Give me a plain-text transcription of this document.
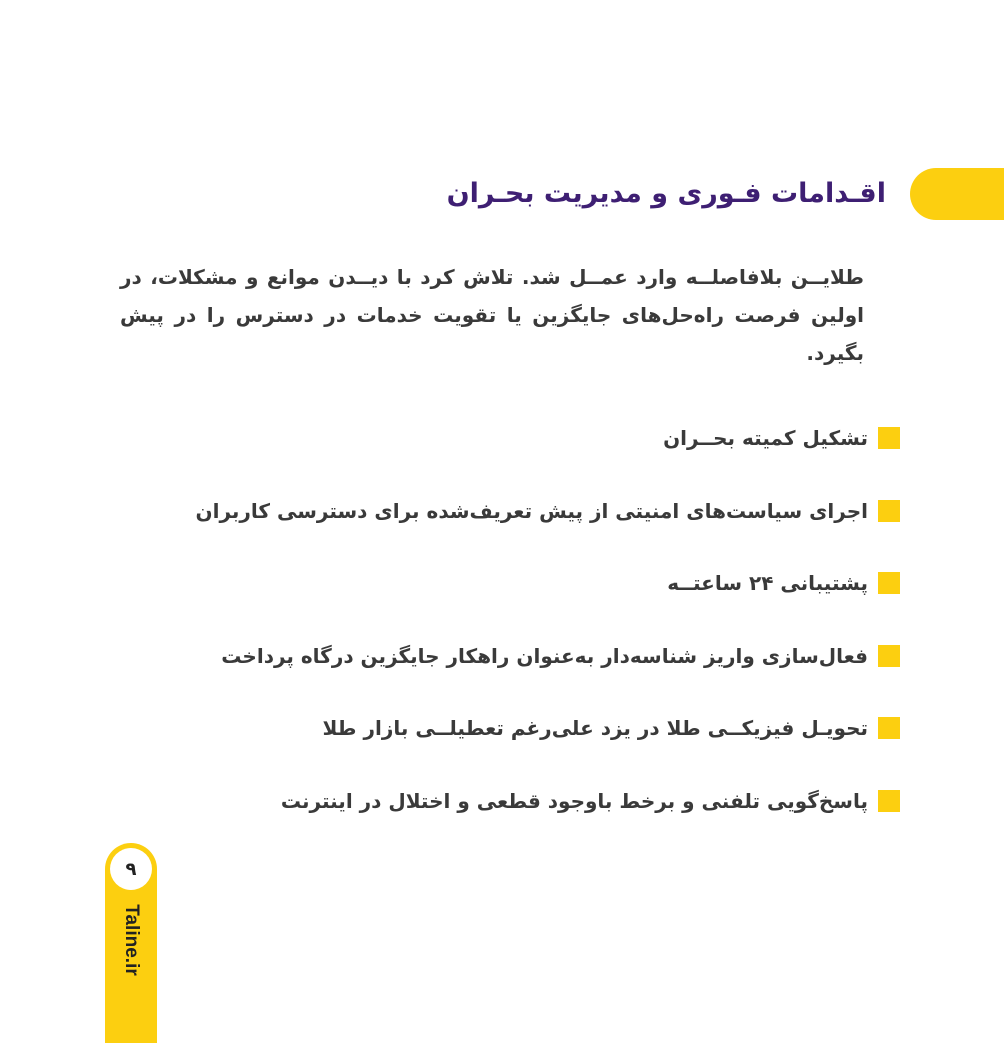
اقـدامات فـوری و مدیریت بحـران

طلایــن بلافاصلــه وارد عمــل شد. تلاش کرد با دیــدن موانع و مشکلات، در اولین فرصت راه‌حل‌های جایگزین یا تقویت خدمات در دسترس را در پیش بگیرد.

تشکیل کمیته بحــران
اجرای سیاست‌های امنیتی از پیش تعریف‌شده برای دسترسی کاربران
پشتیبانی ۲۴ ساعتــه
فعال‌سازی واریز شناسه‌دار به‌عنوان راهکار جایگزین درگاه پرداخت
تحویـل فیزیکــی طلا در یزد علی‌رغم تعطیلــی بازار طلا
پاسخ‌گویی تلفنی و برخط باوجود قطعی و اختلال در اینترنت
۹
Taline.ir
